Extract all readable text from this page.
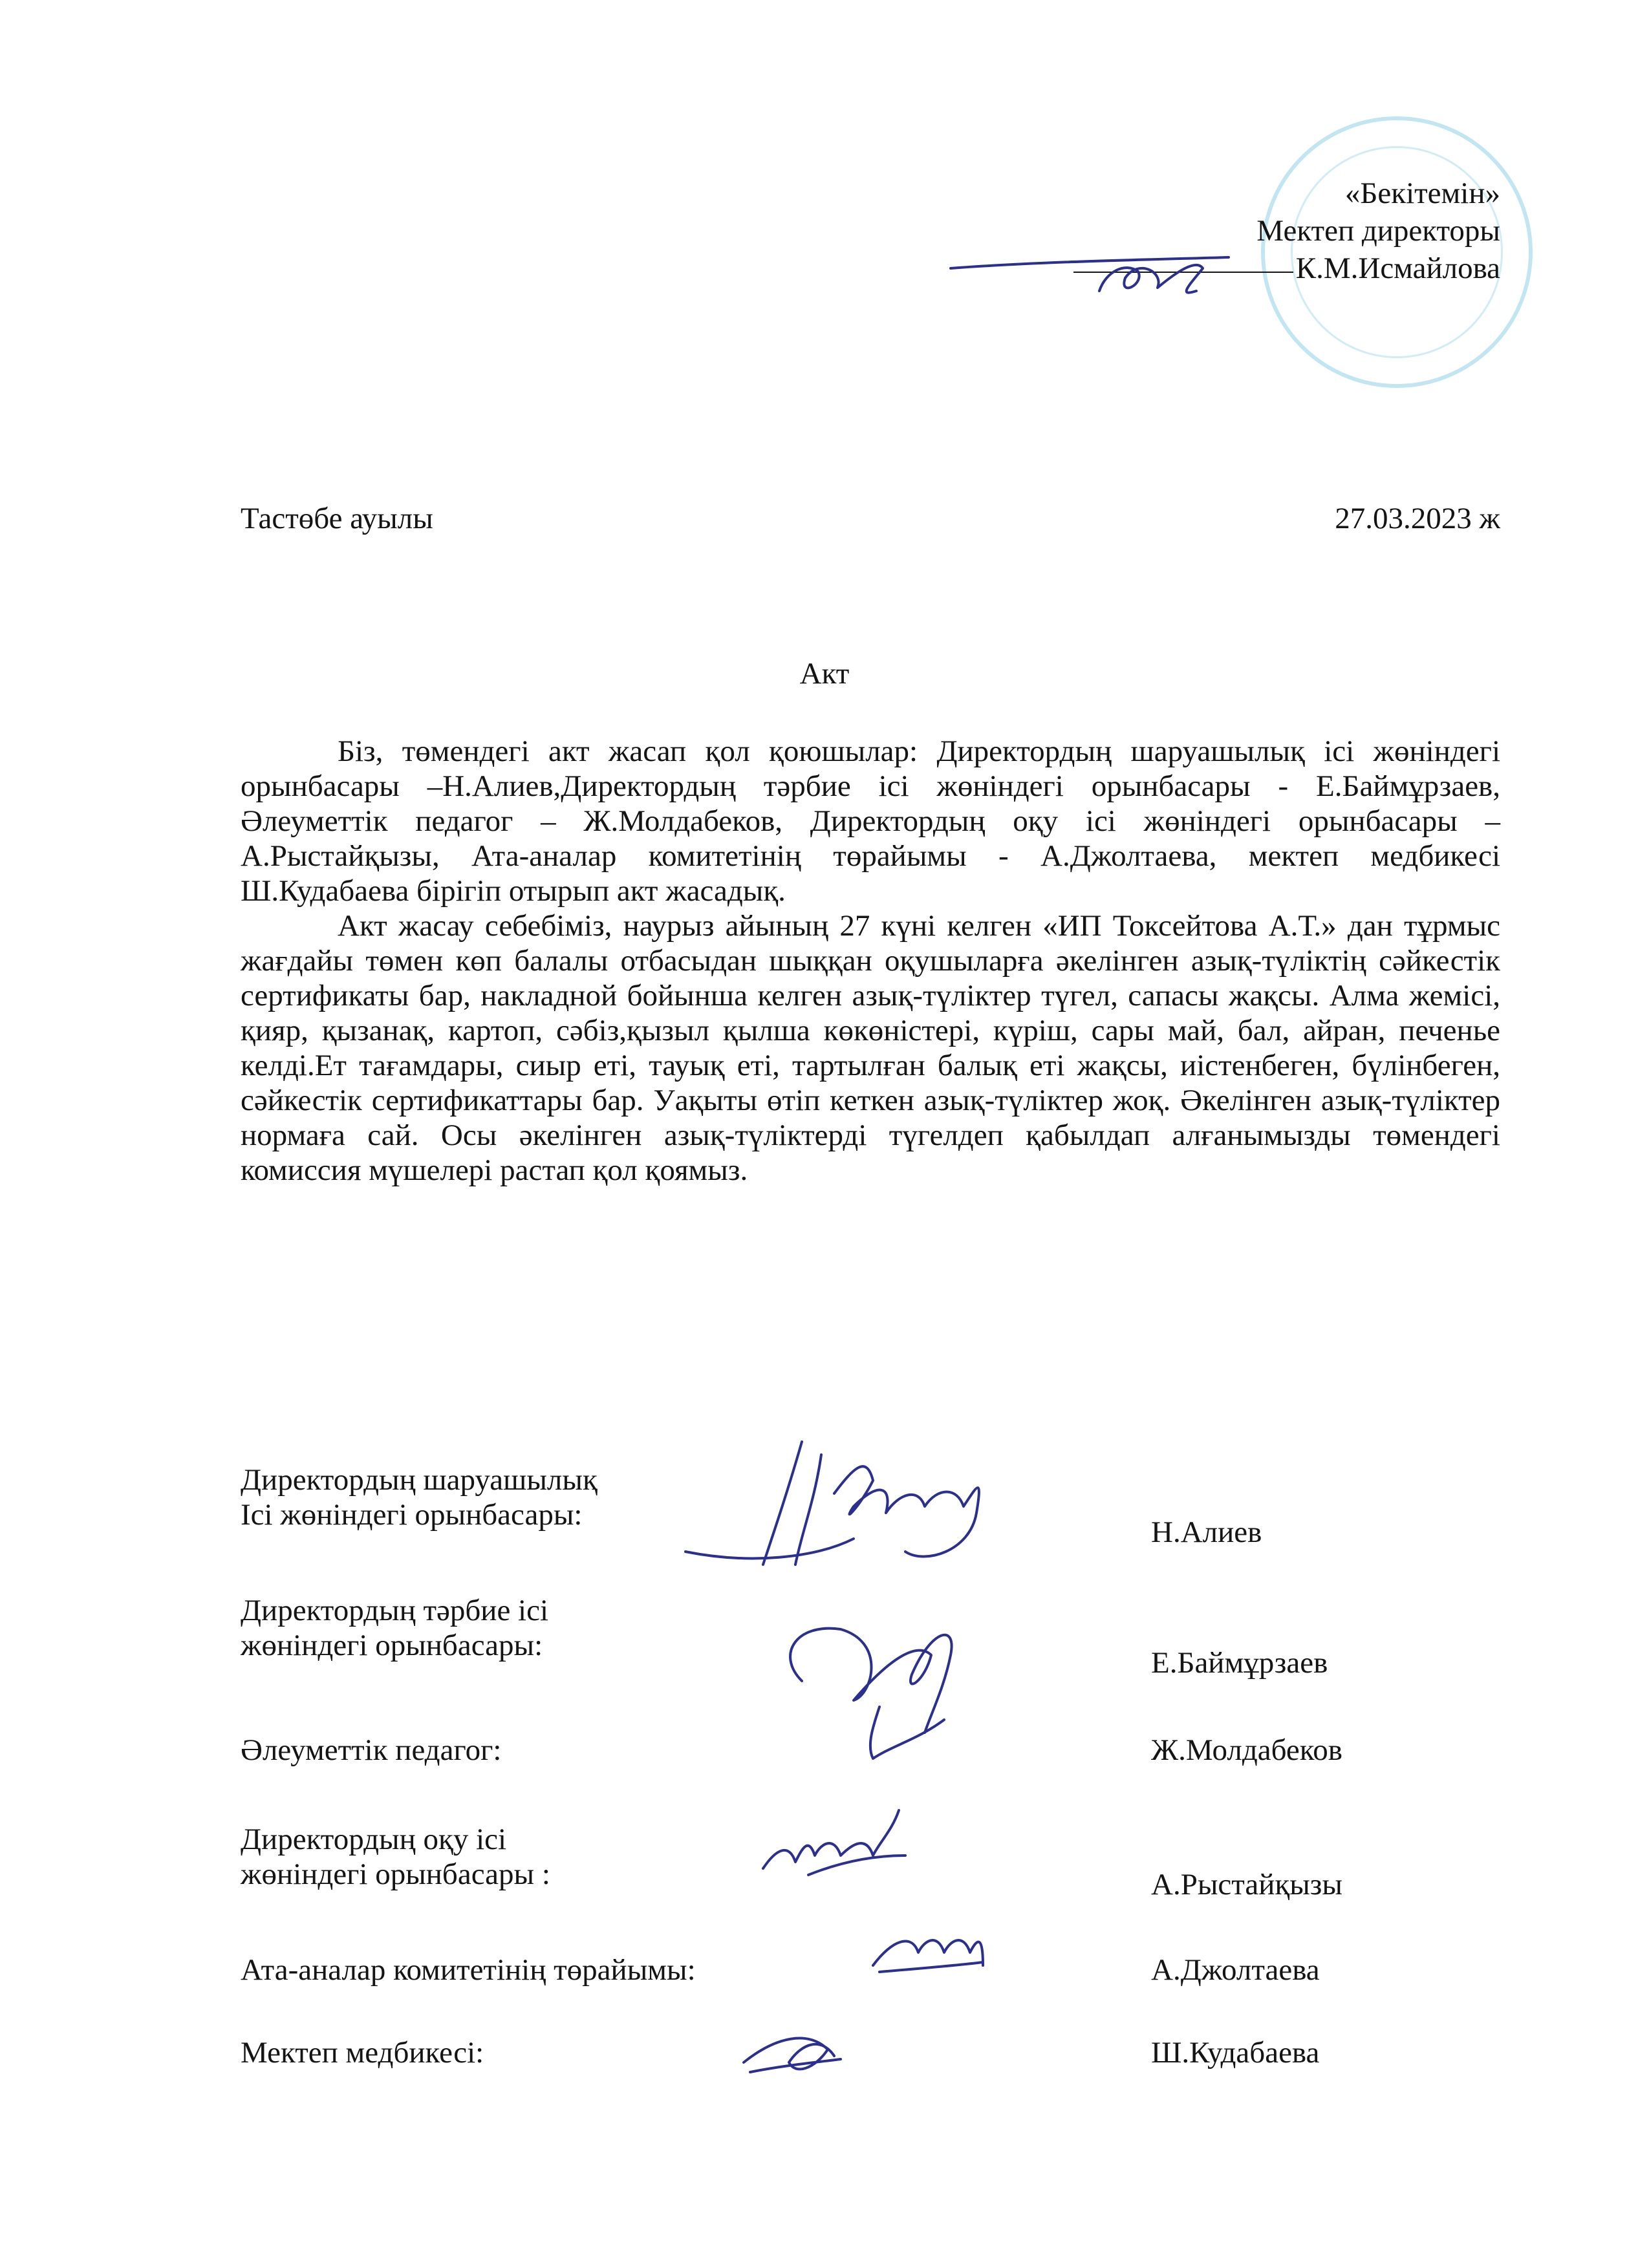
«Бекітемін»
Мектеп директоры
К.М.Исмайлова
Тастөбе ауылы	27.03.2023 ж
Акт

Біз, төмендегі акт жасап қол қоюшылар: Директордың шаруашылық ісі жөніндегі орынбасары –Н.Алиев,Директордың тәрбие ісі жөніндегі орынбасары - Е.Баймұрзаев, Әлеуметтік педагог – Ж.Молдабеков, Директордың оқу ісі жөніндегі орынбасары – А.Рыстайқызы, Ата-аналар комитетінің төрайымы - А.Джолтаева, мектеп медбикесі Ш.Кудабаева бірігіп отырып акт жасадық.

Акт жасау себебіміз, наурыз айының 27 күні келген «ИП Токсейтова А.Т.» дан тұрмыс жағдайы төмен көп балалы отбасыдан шыққан оқушыларға әкелінген азық-түліктің сәйкестік сертификаты бар, накладной бойынша келген азық-түліктер түгел, сапасы жақсы. Алма жемісі, қияр, қызанақ, картоп, сәбіз,қызыл қылша көкөністері, күріш, сары май, бал, айран, печенье келді.Ет тағамдары, сиыр еті, тауық еті, тартылған балық еті жақсы, иістенбеген, бүлінбеген, сәйкестік сертификаттары бар. Уақыты өтіп кеткен азық-түліктер жоқ. Әкелінген азық-түліктер нормаға сай. Осы әкелінген азық-түліктерді түгелдеп қабылдап алғанымызды төмендегі комиссия мүшелері растап қол қоямыз.

Директордың шаруашылық
Ісі жөніндегі орынбасары:
Н.Алиев
Директордың тәрбие ісі
жөніндегі орынбасары:
Е.Баймұрзаев
Әлеуметтік педагог:	Ж.Молдабеков
Директордың оқу ісі
жөніндегі орынбасары :	А.Рыстайқызы
Ата-аналар комитетінің төрайымы:	А.Джолтаева
Мектеп медбикесі:	Ш.Кудабаева
